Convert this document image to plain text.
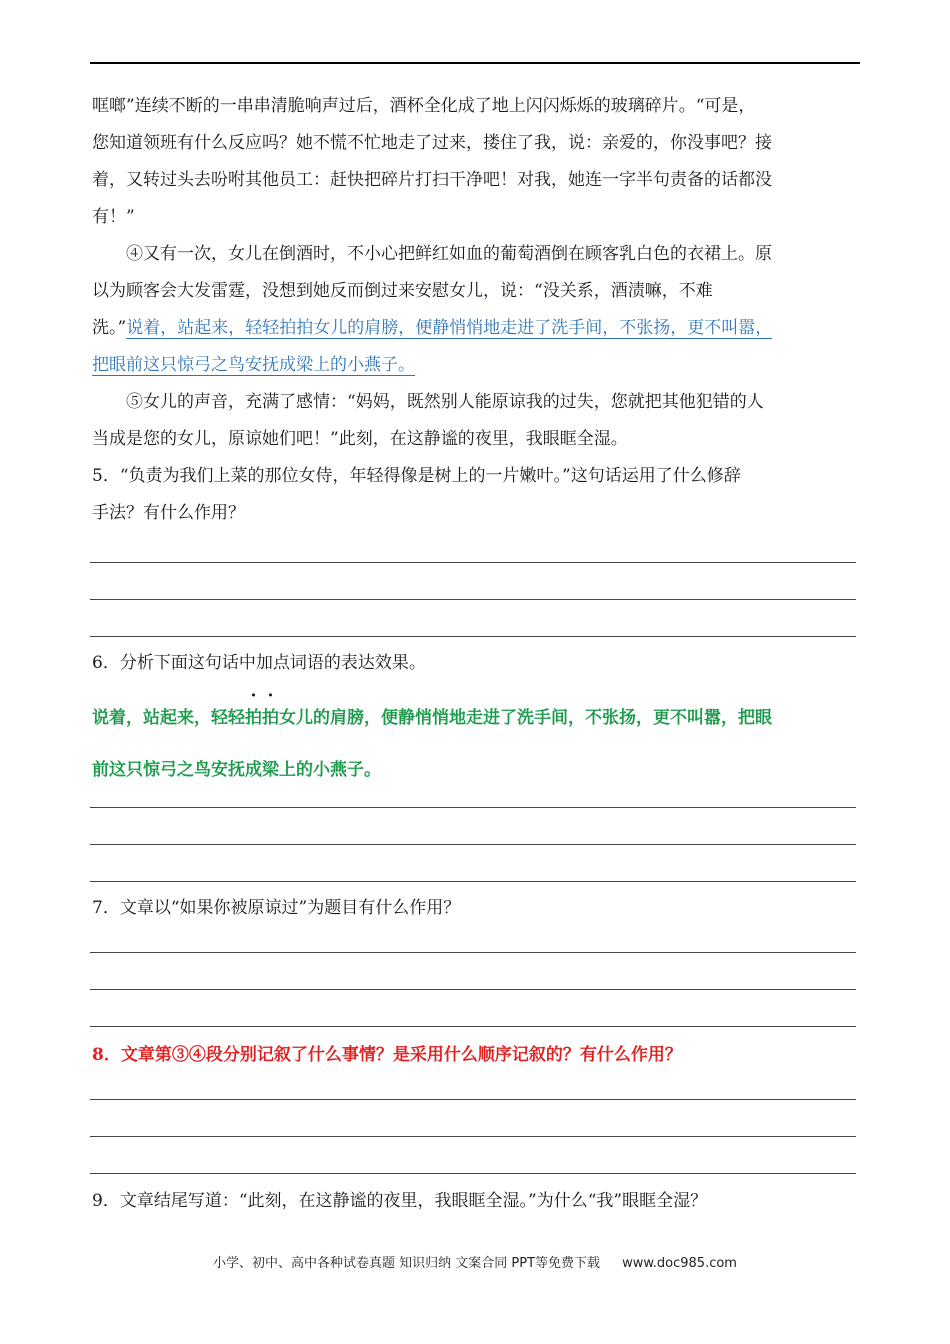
哐啷”连续不断的一串串清脆响声过后，酒杯全化成了地上闪闪烁烁的玻璃碎片。“可是，
您知道领班有什么反应吗？她不慌不忙地走了过来，搂住了我，说：亲爱的，你没事吧？接
着，又转过头去吩咐其他员工：赶快把碎片打扫干净吧！对我，她连一字半句责备的话都没
有！”
④又有一次，女儿在倒酒时，不小心把鲜红如血的葡萄酒倒在顾客乳白色的衣裙上。原
以为顾客会大发雷霆，没想到她反而倒过来安慰女儿，说：“没关系，酒渍嘛，不难
洗。”说着，站起来，轻轻拍拍女儿的肩膀，便静悄悄地走进了洗手间，不张扬，更不叫嚣，
把眼前这只惊弓之鸟安抚成梁上的小燕子。
⑤女儿的声音，充满了感情：“妈妈，既然别人能原谅我的过失，您就把其他犯错的人
当成是您的女儿，原谅她们吧！”此刻，在这静谧的夜里，我眼眶全湿。
5．“负责为我们上菜的那位女侍，年轻得像是树上的一片嫩叶。”这句话运用了什么修辞
手法？有什么作用？
6．分析下面这句话中加点词语的表达效果。
说着，站起来，轻轻拍拍女儿的肩膀，便静悄悄地走进了洗手间，不张扬，更不叫嚣，把眼
前这只惊弓之鸟安抚成梁上的小燕子。
7．文章以“如果你被原谅过”为题目有什么作用？
8．文章第③④段分别记叙了什么事情？是采用什么顺序记叙的？有什么作用？
9．文章结尾写道：“此刻，在这静谧的夜里，我眼眶全湿。”为什么“我”眼眶全湿？
小学、初中、高中各种试卷真题 知识归纳 文案合同 PPT等免费下载 www.doc985.com
